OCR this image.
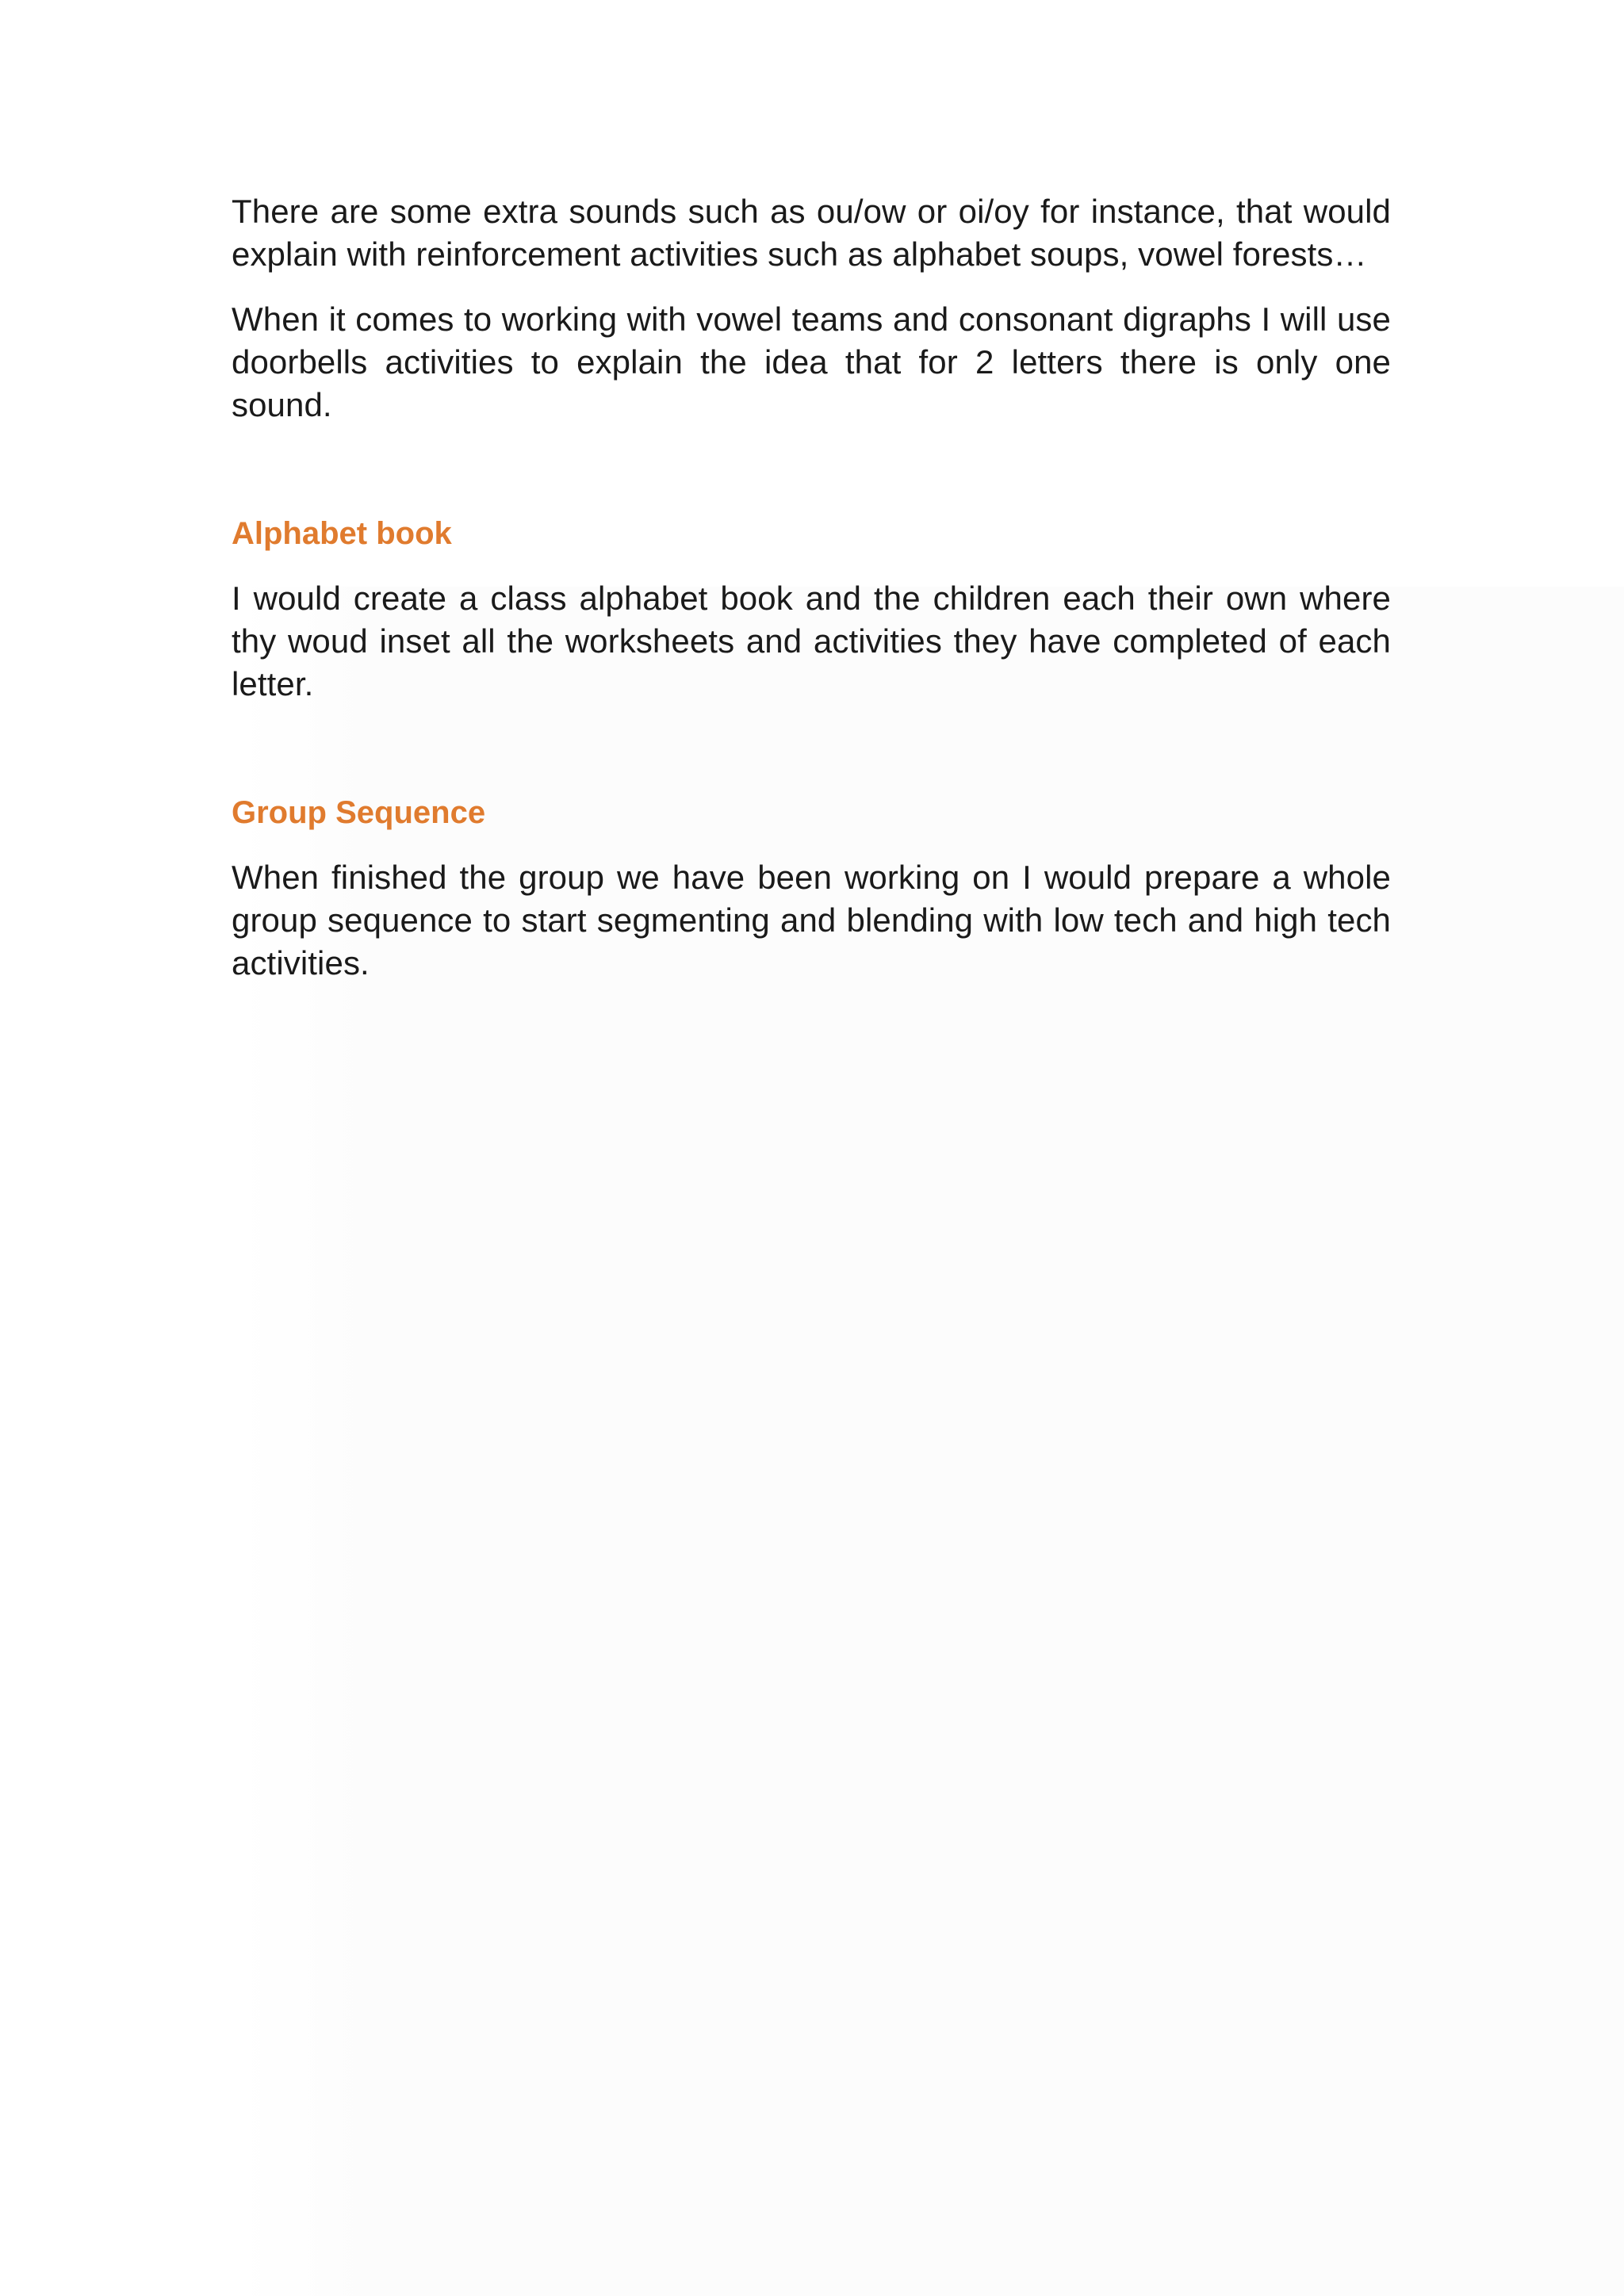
There are some extra sounds such as ou/ow or oi/oy for instance, that would explain with reinforcement activities such as alphabet soups, vowel forests…

When it comes to working with vowel teams and consonant digraphs I will use doorbells activities to explain the idea that for 2 letters there is only one sound.

Alphabet book

I would create a class alphabet book and the children each their own where thy woud inset all the worksheets and activities they have completed of each letter.

Group Sequence

When finished the group we have been working on I would prepare a whole group sequence to start segmenting and blending with low tech and high tech activities.
